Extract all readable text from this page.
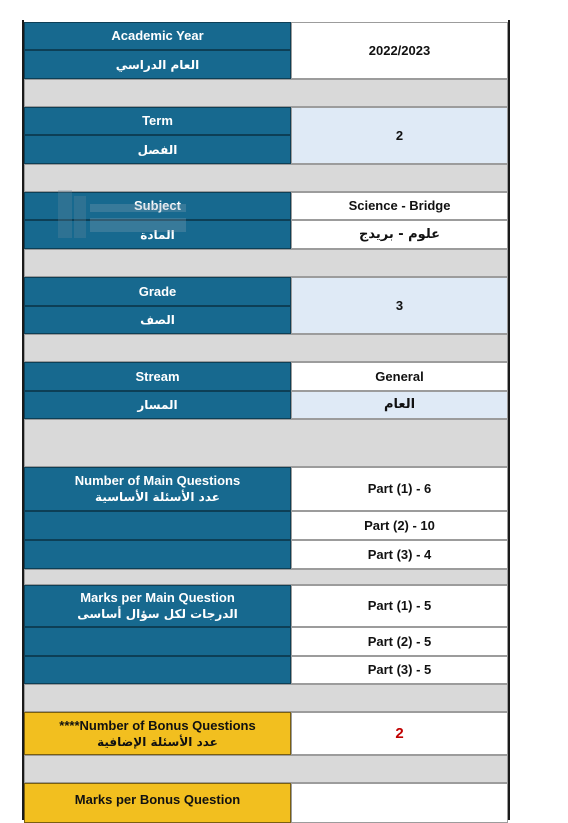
Academic Year
العام الدراسي
2022/2023
Term
الفصل
2
Subject
المادة
Science - Bridge
علوم - بريدج
Grade
الصف
3
Stream
المسار
General
العام
Number of Main Questions
عدد الأسئلة الأساسية
Part (1) - 6
Part (2) - 10
Part (3) - 4
Marks per Main Question
الدرجات لكل سؤال أساسى
Part (1) - 5
Part (2) - 5
Part (3) - 5
****Number of Bonus Questions
عدد الأسئلة الإضافية	2
Marks per Bonus Question
